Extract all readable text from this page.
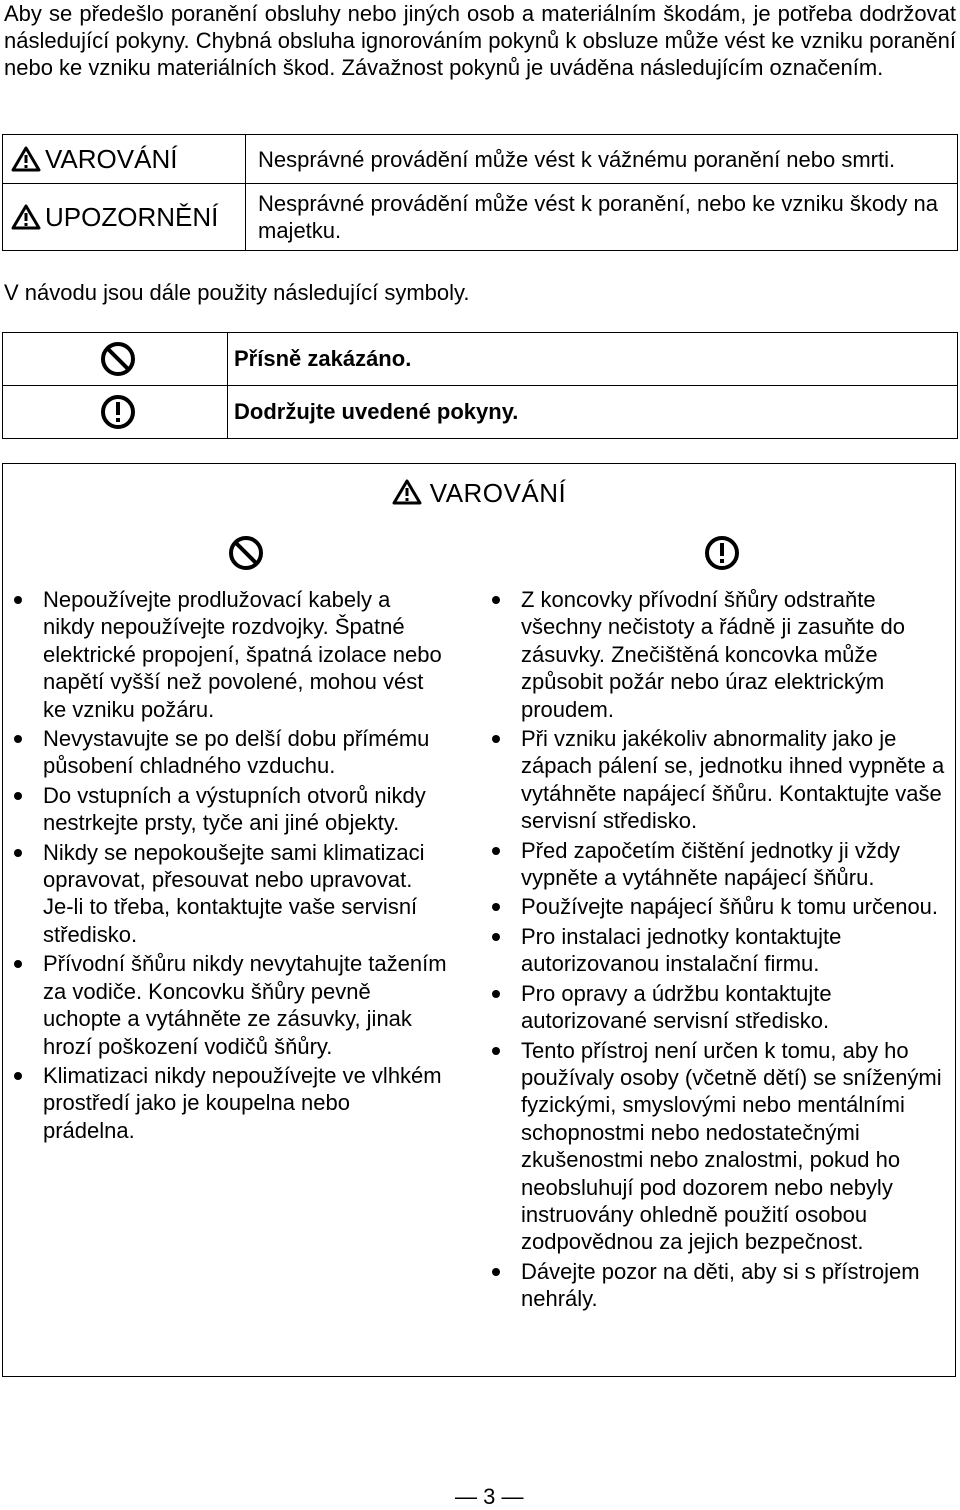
Aby se předešlo poranění obsluhy nebo jiných osob a materiálním škodám, je potřeba dodržovat následující pokyny. Chybná obsluha ignorováním pokynů k obsluze může vést ke vzniku poranění nebo ke vzniku materiálních škod. Závažnost pokynů je uváděna následujícím označením.
VAROVÁNÍ	Nesprávné provádění může vést k vážnému poranění nebo smrti.
UPOZORNĚNÍ	Nesprávné provádění může vést k poranění, nebo ke vzniku škody na majetku.
V návodu jsou dále použity následující symboly.
	Přísně zakázáno.

	Dodržujte uvedené pokyny.
VAROVÁNÍ
Nepoužívejte prodlužovací kabely a nikdy nepoužívejte rozdvojky. Špatné elektrické propojení, špatná izolace nebo napětí vyšší než povolené, mohou vést ke vzniku požáru.
Nevystavujte se po delší dobu přímému působení chladného vzduchu.
Do vstupních a výstupních otvorů nikdy nestrkejte prsty, tyče ani jiné objekty.
Nikdy se nepokoušejte sami klimatizaci opravovat, přesouvat nebo upravovat. Je-li to třeba, kontaktujte vaše servisní středisko.
Přívodní šňůru nikdy nevytahujte tažením za vodiče. Koncovku šňůry pevně uchopte a vytáhněte ze zásuvky, jinak hrozí poškození vodičů šňůry.
Klimatizaci nikdy nepoužívejte ve vlhkém prostředí jako je koupelna nebo prádelna.
Z koncovky přívodní šňůry odstraňte všechny nečistoty a řádně ji zasuňte do zásuvky. Znečištěná koncovka může způsobit požár nebo úraz elektrickým proudem.
Při vzniku jakékoliv abnormality jako je zápach pálení se, jednotku ihned vypněte a vytáhněte napájecí šňůru. Kontaktujte vaše servisní středisko.
Před započetím čištění jednotky ji vždy vypněte a vytáhněte napájecí šňůru.
Používejte napájecí šňůru k tomu určenou.
Pro instalaci jednotky kontaktujte autorizovanou instalační firmu.
Pro opravy a údržbu kontaktujte autorizované servisní středisko.
Tento přístroj není určen k tomu, aby ho používaly osoby (včetně dětí) se sníženými fyzickými, smyslovými nebo mentálními schopnostmi nebo nedostatečnými zkušenostmi nebo znalostmi, pokud ho neobsluhují pod dozorem nebo nebyly instruovány ohledně použití osobou zodpovědnou za jejich bezpečnost.
Dávejte pozor na děti, aby si s přístrojem nehrály.
— 3 —
